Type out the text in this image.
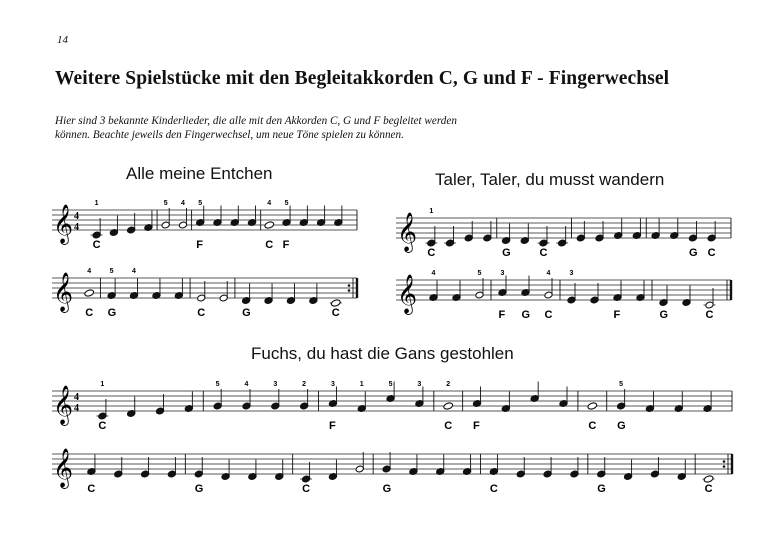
14
Weitere Spielstücke mit den Begleitakkorden C, G und F - Fingerwechsel
Hier sind 3 bekannte Kinderlieder, die alle mit den Akkorden C, G und F begleitet werden
können. Beachte jeweils den Fingerwechsel, um neue Töne spielen zu können.
Alle meine Entchen
𝄞 4
4
1
C
5 4 5
F
4
C
5
F
𝄞
4
C
5
G
4
C	G	C
Taler, Taler, du musst wandern
𝄞
1
C	G	C	G C
𝄞
4	5	3
F G
4
C
3
F	G	C
Fuchs, du hast die Gans gestohlen
𝄞 4
4
1
C
5	4	3	2	3
F
1	5	3	2
C F	C
5
G
𝄞
C	G	C	G	C	G	C
